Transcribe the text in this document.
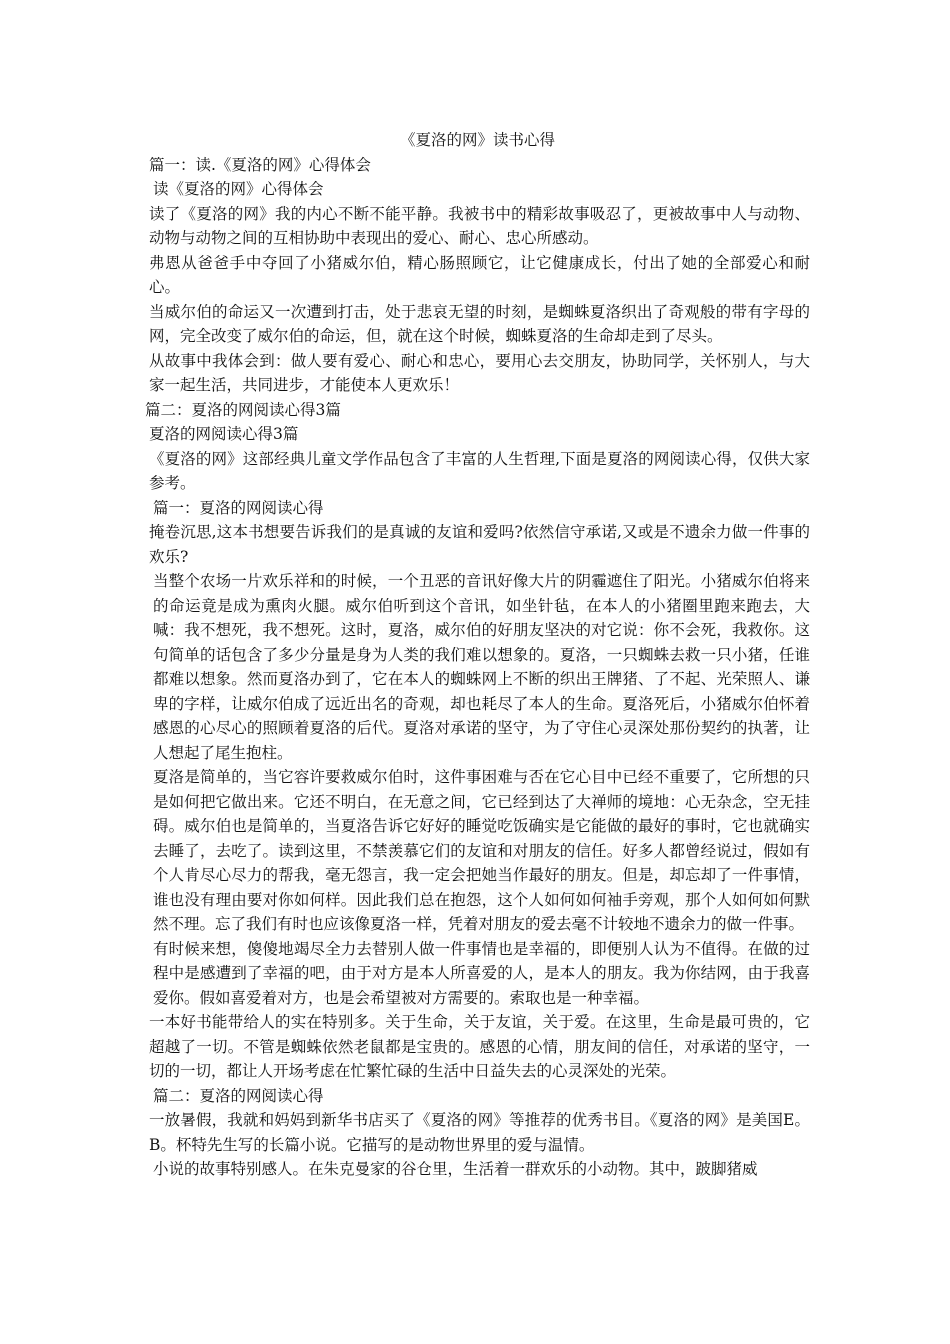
《夏洛的网》读书心得

篇一：读.《夏洛的网》心得体会

读《夏洛的网》心得体会

读了《夏洛的网》我的内心不断不能平静。我被书中的精彩故事吸忍了，更被故事中人与动物、动物与动物之间的互相协助中表现出的爱心、耐心、忠心所感动。

弗恩从爸爸手中夺回了小猪威尔伯，精心肠照顾它，让它健康成长，付出了她的全部爱心和耐心。

当威尔伯的命运又一次遭到打击，处于悲哀无望的时刻，是蜘蛛夏洛织出了奇观般的带有字母的网，完全改变了威尔伯的命运，但，就在这个时候，蜘蛛夏洛的生命却走到了尽头。

从故事中我体会到：做人要有爱心、耐心和忠心，要用心去交朋友，协助同学，关怀别人，与大家一起生活，共同进步，才能使本人更欢乐！

篇二：夏洛的网阅读心得3篇

夏洛的网阅读心得3篇

《夏洛的网》这部经典儿童文学作品包含了丰富的人生哲理,下面是夏洛的网阅读心得，仅供大家参考。

篇一：夏洛的网阅读心得

掩卷沉思,这本书想要告诉我们的是真诚的友谊和爱吗?依然信守承诺,又或是不遗余力做一件事的欢乐?

当整个农场一片欢乐祥和的时候，一个丑恶的音讯好像大片的阴霾遮住了阳光。小猪威尔伯将来的命运竟是成为熏肉火腿。威尔伯听到这个音讯，如坐针毡，在本人的小猪圈里跑来跑去，大喊：我不想死，我不想死。这时，夏洛，威尔伯的好朋友坚决的对它说：你不会死，我救你。这句简单的话包含了多少分量是身为人类的我们难以想象的。夏洛，一只蜘蛛去救一只小猪，任谁都难以想象。然而夏洛办到了，它在本人的蜘蛛网上不断的织出王牌猪、了不起、光荣照人、谦卑的字样，让威尔伯成了远近出名的奇观，却也耗尽了本人的生命。夏洛死后，小猪威尔伯怀着感恩的心尽心的照顾着夏洛的后代。夏洛对承诺的坚守，为了守住心灵深处那份契约的执著，让人想起了尾生抱柱。

夏洛是简单的，当它容许要救威尔伯时，这件事困难与否在它心目中已经不重要了，它所想的只是如何把它做出来。它还不明白，在无意之间，它已经到达了大禅师的境地：心无杂念，空无挂碍。威尔伯也是简单的，当夏洛告诉它好好的睡觉吃饭确实是它能做的最好的事时，它也就确实去睡了，去吃了。读到这里，不禁羡慕它们的友谊和对朋友的信任。好多人都曾经说过，假如有个人肯尽心尽力的帮我，毫无怨言，我一定会把她当作最好的朋友。但是，却忘却了一件事情，谁也没有理由要对你如何样。因此我们总在抱怨，这个人如何如何袖手旁观，那个人如何如何默然不理。忘了我们有时也应该像夏洛一样，凭着对朋友的爱去毫不计较地不遗余力的做一件事。

有时候来想，傻傻地竭尽全力去替别人做一件事情也是幸福的，即便别人认为不值得。在做的过程中是感遭到了幸福的吧，由于对方是本人所喜爱的人，是本人的朋友。我为你结网，由于我喜爱你。假如喜爱着对方，也是会希望被对方需要的。索取也是一种幸福。

一本好书能带给人的实在特别多。关于生命，关于友谊，关于爱。在这里，生命是最可贵的，它超越了一切。不管是蜘蛛依然老鼠都是宝贵的。感恩的心情，朋友间的信任，对承诺的坚守，一切的一切，都让人开场考虑在忙繁忙碌的生活中日益失去的心灵深处的光荣。

篇二：夏洛的网阅读心得

一放暑假，我就和妈妈到新华书店买了《夏洛的网》等推荐的优秀书目。《夏洛的网》是美国E。B。杯特先生写的长篇小说。它描写的是动物世界里的爱与温情。

小说的故事特别感人。在朱克曼家的谷仓里，生活着一群欢乐的小动物。其中，跛脚猪威
